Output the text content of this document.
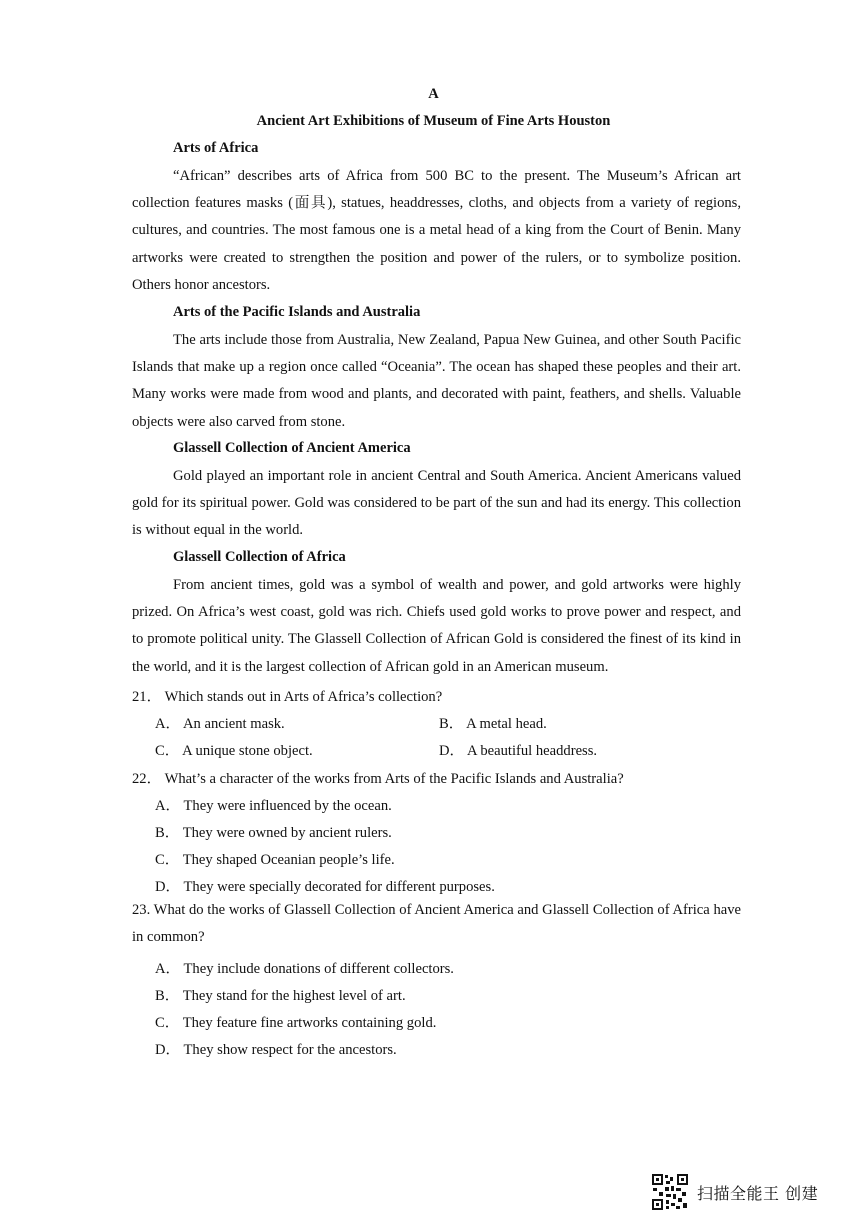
A
Ancient Art Exhibitions of Museum of Fine Arts Houston
Arts of Africa

“African” describes arts of Africa from 500 BC to the present. The Museum’s African art collection features masks (面具), statues, headdresses, cloths, and objects from a variety of regions, cultures, and countries. The most famous one is a metal head of a king from the Court of Benin. Many artworks were created to strengthen the position and power of the rulers, or to symbolize position. Others honor ancestors.

Arts of the Pacific Islands and Australia

The arts include those from Australia, New Zealand, Papua New Guinea, and other South Pacific Islands that make up a region once called “Oceania”. The ocean has shaped these peoples and their art. Many works were made from wood and plants, and decorated with paint, feathers, and shells. Valuable objects were also carved from stone.

Glassell Collection of Ancient America

Gold played an important role in ancient Central and South America. Ancient Americans valued gold for its spiritual power. Gold was considered to be part of the sun and had its energy. This collection is without equal in the world.

Glassell Collection of Africa

From ancient times, gold was a symbol of wealth and power, and gold artworks were highly prized. On Africa’s west coast, gold was rich. Chiefs used gold works to prove power and respect, and to promote political unity. The Glassell Collection of African Gold is considered the finest of its kind in the world, and it is the largest collection of African gold in an American museum.

21． Which stands out in Arts of Africa’s collection?
A． An ancient mask.	B． A metal head.
C． A unique stone object.	D． A beautiful headdress.
22． What’s a character of the works from Arts of the Pacific Islands and Australia?
A． They were influenced by the ocean.
B． They were owned by ancient rulers.
C． They shaped Oceanian people’s life.
D． They were specially decorated for different purposes.
23. What do the works of Glassell Collection of Ancient America and Glassell Collection of Africa have in common?
A． They include donations of different collectors.
B． They stand for the highest level of art.
C． They feature fine artworks containing gold.
D． They show respect for the ancestors.
扫描全能王 创建
